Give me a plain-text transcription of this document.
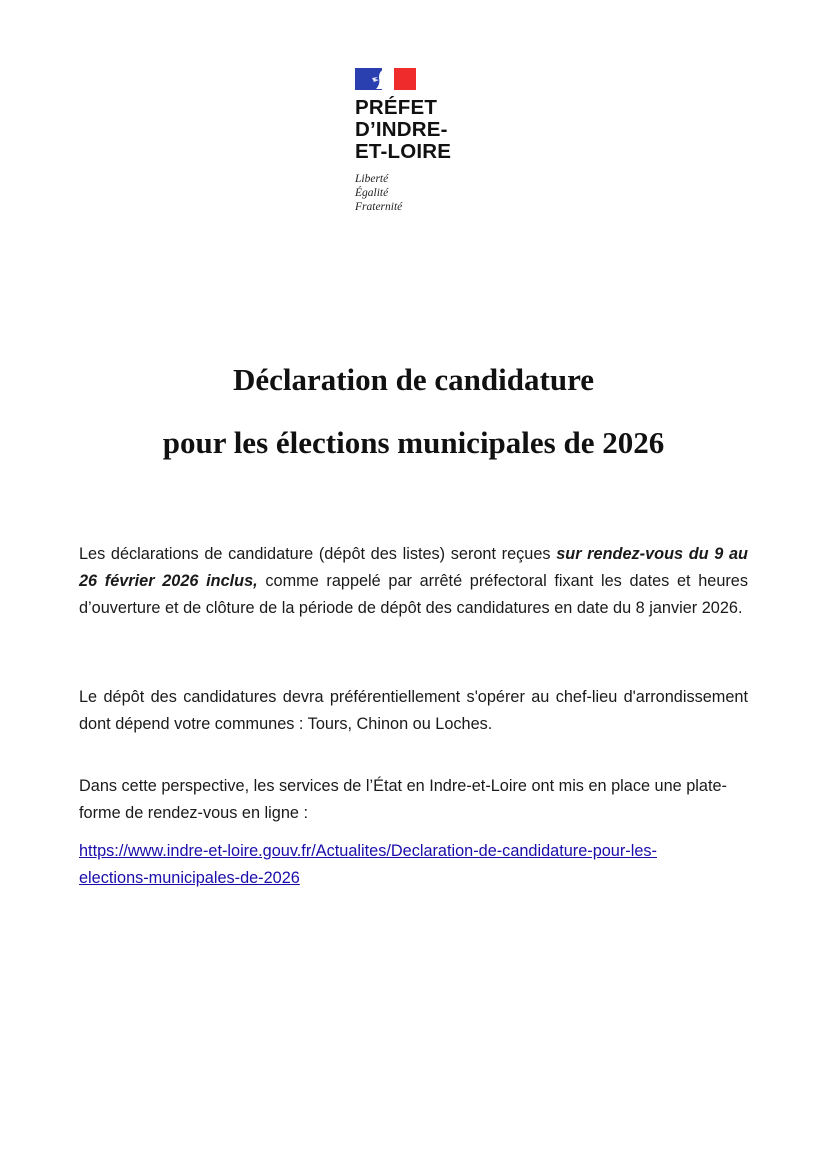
PRÉFET
D’INDRE-
ET-LOIRE
Liberté
Égalité
Fraternité
Déclaration de candidature
pour les élections municipales de 2026
Les déclarations de candidature (dépôt des listes) seront reçues sur rendez-vous du 9 au 26 février 2026 inclus, comme rappelé par arrêté préfectoral fixant les dates et heures d’ouverture et de clôture de la période de dépôt des candidatures en date du 8 janvier 2026.
Le dépôt des candidatures devra préférentiellement s'opérer au chef-lieu d'arrondissement dont dépend votre communes : Tours, Chinon ou Loches.
Dans cette perspective, les services de l’État en Indre-et-Loire ont mis en place une plate-forme de rendez-vous en ligne :
https://www.indre-et-loire.gouv.fr/Actualites/Declaration-de-candidature-pour-les-
elections-municipales-de-2026
